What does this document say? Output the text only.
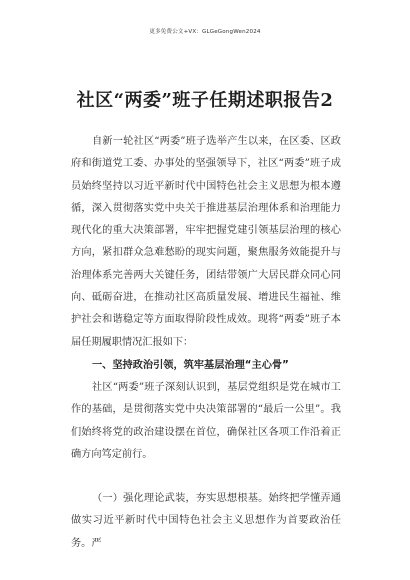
更多免费公文+VX：GLGeGongWen2024
社区“两委”班子任期述职报告2

自新一轮社区“两委”班子选举产生以来，在区委、区政府和街道党工委、办事处的坚强领导下，社区“两委”班子成员始终坚持以习近平新时代中国特色社会主义思想为根本遵循，深入贯彻落实党中央关于推进基层治理体系和治理能力现代化的重大决策部署，牢牢把握党建引领基层治理的核心方向，紧扣群众急难愁盼的现实问题，聚焦服务效能提升与治理体系完善两大关键任务，团结带领广大居民群众同心同向、砥砺奋进，在推动社区高质量发展、增进民生福祉、维护社会和谐稳定等方面取得阶段性成效。现将“两委”班子本届任期履职情况汇报如下：

一、坚持政治引领，筑牢基层治理“主心骨”

社区“两委”班子深刻认识到，基层党组织是党在城市工作的基础，是贯彻落实党中央决策部署的“最后一公里”。我们始终将党的政治建设摆在首位，确保社区各项工作沿着正确方向笃定前行。

（一）强化理论武装，夯实思想根基。始终把学懂弄通做实习近平新时代中国特色社会主义思想作为首要政治任务。严
